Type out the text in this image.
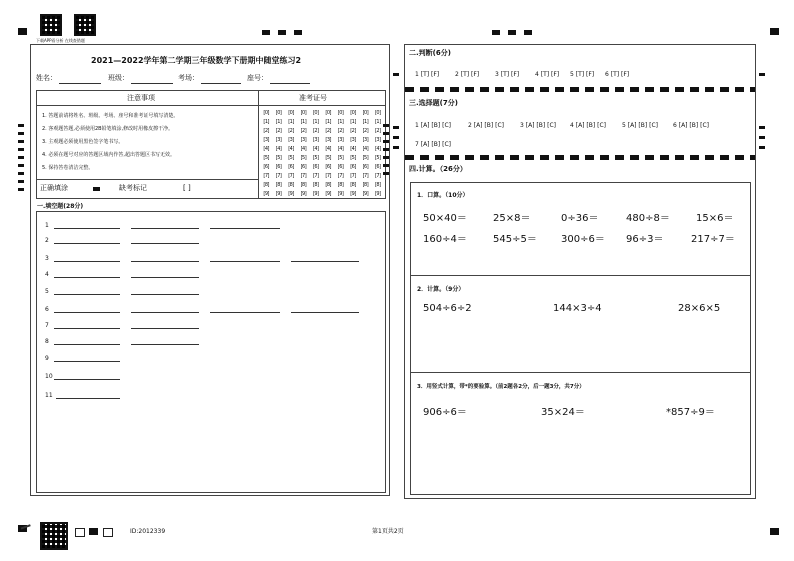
下载APP看分析 在线查错题
2021—2022学年第二学期三年级数学下册期中随堂练习2
姓名：	班级：	考场：	座号：
注意事项	准考证号
1. 答题前请将姓名、班级、考场、座号和准考证号填写清楚。
2. 客观题答题,必须使用2B铅笔填涂,修改时用橡皮擦干净。
3. 主观题必须使用黑色签字笔书写。
4. 必须在题号对应的答题区域内作答,超出答题区书写无效。
5. 保持答卷清洁完整。
正确填涂	缺考标记	[ ]
[0]	[0]	[0]	[0]	[0]	[0]	[0]	[0]	[0]	[0]
[1]	[1]	[1]	[1]	[1]	[1]	[1]	[1]	[1]	[1]
[2]	[2]	[2]	[2]	[2]	[2]	[2]	[2]	[2]	[2]
[3]	[3]	[3]	[3]	[3]	[3]	[3]	[3]	[3]	[3]
[4]	[4]	[4]	[4]	[4]	[4]	[4]	[4]	[4]	[4]
[5]	[5]	[5]	[5]	[5]	[5]	[5]	[5]	[5]	[5]
[6]	[6]	[6]	[6]	[6]	[6]	[6]	[6]	[6]	[6]
[7]	[7]	[7]	[7]	[7]	[7]	[7]	[7]	[7]	[7]
[8]	[8]	[8]	[8]	[8]	[8]	[8]	[8]	[8]	[8]
[9]	[9]	[9]	[9]	[9]	[9]	[9]	[9]	[9]	[9]
一.填空题(28分)
1
2
3
4
5
6
7
8
9
10
11
二.判断(6分)
1 [T] [F]	2 [T] [F]	3 [T] [F]	4 [T] [F] 5 [T] [F] 6 [T] [F]
三.选择题(7分)
1 [A] [B] [C]	2 [A] [B] [C]	3 [A] [B] [C] 4 [A] [B] [C]	5 [A] [B] [C]	6 [A] [B] [C]
7 [A] [B] [C]
四.计算。（26分）
1．口算。（10分）
50×40＝	25×8＝	0÷36＝	480÷8＝	15×6＝
160÷4＝	545÷5＝ 300÷6＝ 96÷3＝	217÷7＝
2．计算。（9分）
504÷6÷2	144×3÷4	28×6×5
3．用竖式计算，带*的要验算。（前2题各2分，后一题3分，共7分）
906÷6＝	35×24＝	*857÷9＝
ID:2012339	第1页共2页
